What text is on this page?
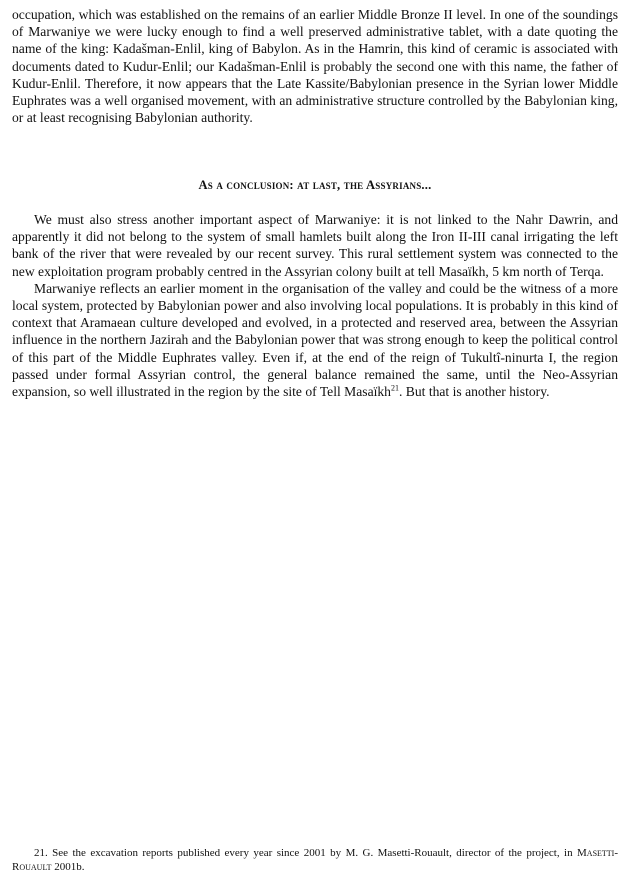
occupation, which was established on the remains of an earlier Middle Bronze II level. In one of the soundings of Marwaniye we were lucky enough to find a well preserved administrative tablet, with a date quoting the name of the king: Kadašman-Enlil, king of Babylon. As in the Hamrin, this kind of ceramic is associated with documents dated to Kudur-Enlil; our Kadašman-Enlil is probably the second one with this name, the father of Kudur-Enlil. Therefore, it now appears that the Late Kassite/Babylonian presence in the Syrian lower Middle Euphrates was a well organised movement, with an administrative structure controlled by the Babylonian king, or at least recognising Babylonian authority.

As a conclusion: at last, the Assyrians...

We must also stress another important aspect of Marwaniye: it is not linked to the Nahr Dawrin, and apparently it did not belong to the system of small hamlets built along the Iron II-III canal irrigating the left bank of the river that were revealed by our recent survey. This rural settlement system was connected to the new exploitation program probably centred in the Assyrian colony built at tell Masaïkh, 5 km north of Terqa.

Marwaniye reflects an earlier moment in the organisation of the valley and could be the witness of a more local system, protected by Babylonian power and also involving local populations. It is probably in this kind of context that Aramaean culture developed and evolved, in a protected and reserved area, between the Assyrian influence in the northern Jazirah and the Babylonian power that was strong enough to keep the political control of this part of the Middle Euphrates valley. Even if, at the end of the reign of Tukultî-ninurta I, the region passed under formal Assyrian control, the general balance remained the same, until the Neo-Assyrian expansion, so well illustrated in the region by the site of Tell Masaïkh$^{21}$. But that is another history.

21. See the excavation reports published every year since 2001 by M. G. Masetti-Rouault, director of the project, in Masetti-Rouault 2001b.
